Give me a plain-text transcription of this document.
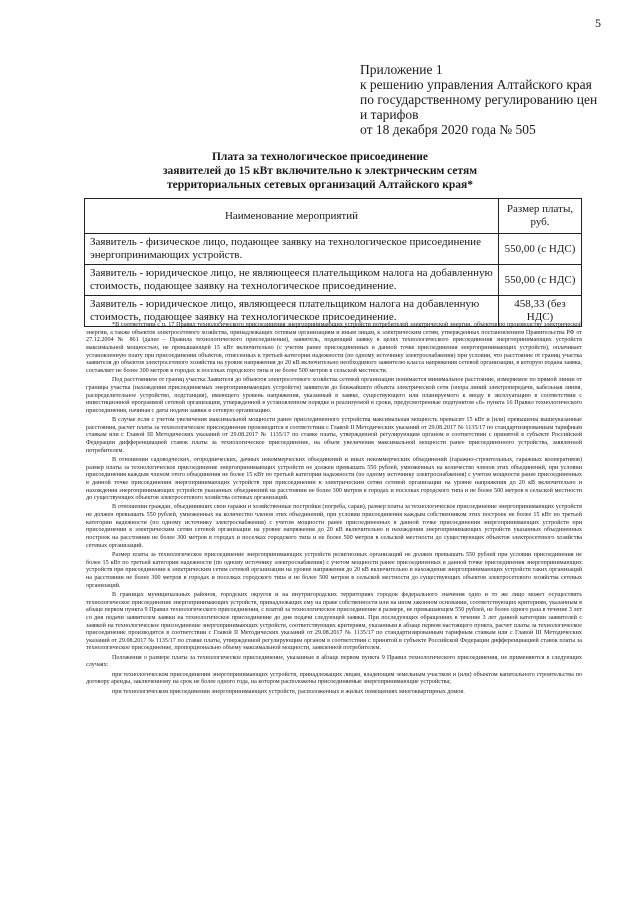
5
Приложение 1
к решению управления Алтайского края
по государственному регулированию цен
и тарифов
от 18 декабря 2020 года № 505
Плата за технологическое присоединение
заявителей до 15 кВт включительно к электрическим сетям
территориальных сетевых организаций Алтайского края*
Наименование мероприятий	Размер платы, руб.
Заявитель - физическое лицо, подающее заявку на технологическое присоединение энергопринимающих устройств.	550,00 (с НДС)
Заявитель - юридическое лицо, не являющееся плательщиком налога на добавленную стоимость, подающее заявку на технологическое присоединение.	550,00 (с НДС)
Заявитель - юридическое лицо, являющееся плательщиком налога на добавленную стоимость, подающее заявку на технологическое присоединение.	458,33 (без НДС)

*В соответствии с п. 17 Правил технологического присоединения энергопринимающих устройств потребителей электрической энергии, объектов по производству электрической энергии, а также объектов электросетевого хозяйства, принадлежащих сетевым организациям и иным лицам, к электрическим сетям, утвержденных постановлением Правительства РФ от 27.12.2004 № 861 (далее – Правила технологического присоединения), заявитель, подающий заявку в целях технологического присоединения энергопринимающих устройств максимальной мощностью, не превышающей 15 кВт включительно (с учетом ранее присоединенных в данной точке присоединения энергопринимающих устройств), оплачивает установленную плату при присоединении объектов, отнесенных к третьей категории надежности (по одному источнику электроснабжения) при условии, что расстояние от границ участка заявителя до объектов электросетевого хозяйства на уровне напряжения до 20 кВ включительно необходимого заявителю класса напряжения сетевой организации, в которую подана заявка, составляет не более 300 метров в городах и поселках городского типа и не более 500 метров в сельской местности.

Под расстоянием от границ участка Заявителя до объектов электросетевого хозяйства сетевой организации понимается минимальное расстояние, измеряемое по прямой линии от границы участка (нахождения присоединяемых энергопринимающих устройств) заявителя до ближайшего объекта электрической сети (опора линий электропередачи, кабельная линия, распределительное устройство, подстанция), имеющего уровень напряжения, указанный в заявке, существующего или планируемого к вводу в эксплуатацию в соответствии с инвестиционной программой сетевой организации, утвержденной в установленном порядке и реализуемой в сроки, предусмотренные подпунктом «б» пункта 16 Правил технологического присоединения, начиная с даты подачи заявки в сетевую организацию.

В случае если с учетом увеличения максимальной мощности ранее присоединенного устройства максимальная мощность превысит 15 кВт и (или) превышены вышеуказанные расстояния, расчет платы за технологическое присоединение производится в соответствии с Главой II Методических указаний от 29.08.2017 № 1135/17 по стандартизированным тарифным ставкам или с Главой III Методических указаний от 29.08.2017 № 1135/17 по ставке платы, утвержденной регулирующим органом в соответствии с принятой в субъекте Российской Федерации дифференциацией ставок платы за технологическое присоединение, на объем увеличения максимальной мощности ранее присоединенного устройства, заявленной потребителем.

В отношении садоводческих, огороднических, дачных некоммерческих объединений и иных некоммерческих объединений (гаражно-строительных, гаражных кооперативов) размер платы за технологическое присоединение энергопринимающих устройств не должен превышать 550 рублей, умноженных на количество членов этих объединений, при условии присоединения каждым членом этого объединения не более 15 кВт по третьей категории надежности (по одному источнику электроснабжения) с учетом мощности ранее присоединенных в данной точке присоединения энергопринимающих устройств при присоединении к электрическим сетям сетевой организации на уровне напряжения до 20 кВ включительно и нахождения энергопринимающих устройств указанных объединений на расстоянии не более 300 метров в городах и поселках городского типа и не более 500 метров в сельской местности до существующих объектов электросетевого хозяйства сетевых организаций.

В отношении граждан, объединивших свои гаражи и хозяйственные постройки (погреба, сараи), размер платы за технологическое присоединение энергопринимающих устройств не должен превышать 550 рублей, умноженных на количество членов этих объединений, при условии присоединения каждым собственником этих построек не более 15 кВт по третьей категории надежности (по одному источнику электроснабжения) с учетом мощности ранее присоединенных в данной точке присоединения энергопринимающих устройств при присоединении к электрическим сетям сетевой организации на уровне напряжения до 20 кВ включительно и нахождения энергопринимающих устройств указанных объединенных построек на расстоянии не более 300 метров в городах и поселках городского типа и не более 500 метров в сельской местности до существующих объектов электросетевого хозяйства сетевых организаций.

Размер платы за технологическое присоединение энергопринимающих устройств религиозных организаций не должен превышать 550 рублей при условии присоединения не более 15 кВт по третьей категории надежности (по одному источнику электроснабжения) с учетом мощности ранее присоединенных в данной точке присоединения энергопринимающих устройств при присоединении к электрическим сетям сетевой организации на уровне напряжения до 20 кВ включительно и нахождения энергопринимающих устройств таких организаций на расстоянии не более 300 метров в городах и поселках городского типа и не более 500 метров в сельской местности до существующих объектов электросетевого хозяйства сетевых организаций.

В границах муниципальных районов, городских округов и на внутригородских территориях городов федерального значения одно и то же лицо может осуществить технологическое присоединение энергопринимающих устройств, принадлежащих ему на праве собственности или на ином законном основании, соответствующих критериям, указанным в абзаце первом пункта 9 Правил технологического присоединения, с платой за технологическое присоединение в размере, не превышающем 550 рублей, не более одного раза в течение 3 лет со дня подачи заявителем заявки на технологическое присоединение до дня подачи следующей заявки. При последующих обращениях в течение 3 лет данной категории заявителей с заявкой на технологическое присоединение энергопринимающих устройств, соответствующих критериям, указанным в абзаце первом настоящего пункта, расчет платы за технологическое присоединение производится в соответствии с Главой II Методических указаний от 29.08.2017 № 1135/17 по стандартизированным тарифным ставкам или с Главой III Методических указаний от 29.08.2017 № 1135/17 по ставке платы, утвержденной регулирующим органом в соответствии с принятой в субъекте Российской Федерации дифференциацией ставок платы за технологическое присоединение, пропорционально объему максимальной мощности, заявленной потребителем.

Положения о размере платы за технологическое присоединение, указанные в абзаце первом пункта 9 Правил технологического присоединения, не применяются в следующих случаях:

при технологическом присоединении энергопринимающих устройств, принадлежащих лицам, владеющим земельным участком и (или) объектом капитального строительства по договору аренды, заключенному на срок не более одного года, на котором расположены присоединяемые энергопринимающие устройства;

при технологическом присоединении энергопринимающих устройств, расположенных в жилых помещениях многоквартирных домов.
